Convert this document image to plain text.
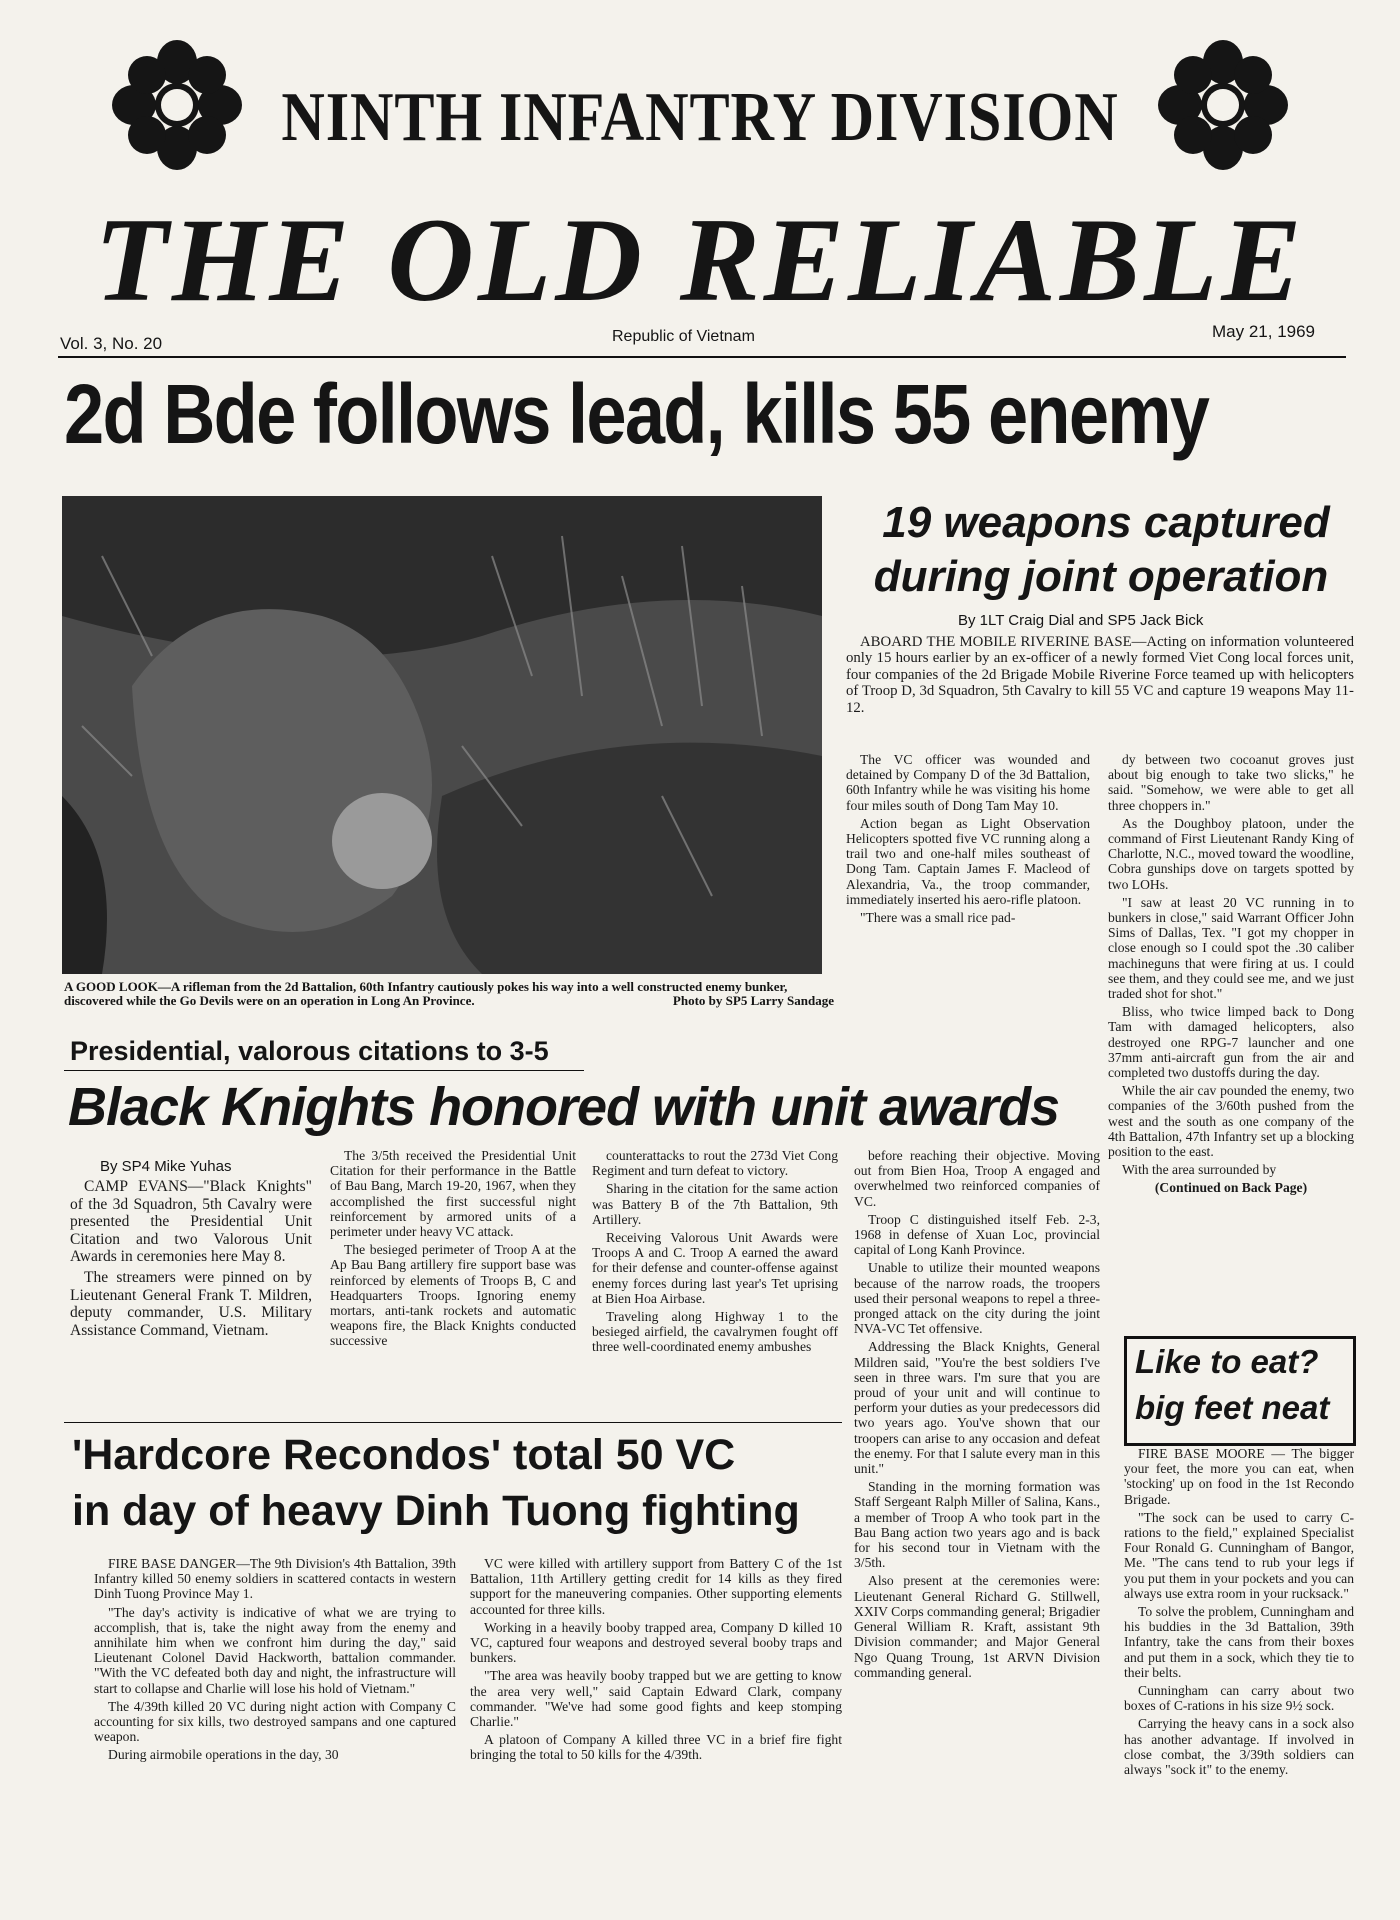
NINTH INFANTRY DIVISION
THE OLD RELIABLE
Vol. 3, No. 20	Republic of Vietnam	May 21, 1969
2d Bde follows lead, kills 55 enemy
A GOOD LOOK—A rifleman from the 2d Battalion, 60th Infantry cautiously pokes his way into a well constructed enemy bunker, discovered while the Go Devils were on an operation in Long An Province.	Photo by SP5 Larry Sandage
19 weapons captured
during joint operation
By 1LT Craig Dial and SP5 Jack Bick

ABOARD THE MOBILE RIVERINE BASE—Acting on information volunteered only 15 hours earlier by an ex-officer of a newly formed Viet Cong local forces unit, four companies of the 2d Brigade Mobile Riverine Force teamed up with helicopters of Troop D, 3d Squadron, 5th Cavalry to kill 55 VC and capture 19 weapons May 11-12.

The VC officer was wounded and detained by Company D of the 3d Battalion, 60th Infantry while he was visiting his home four miles south of Dong Tam May 10.

Action began as Light Observation Helicopters spotted five VC running along a trail two and one-half miles southeast of Dong Tam. Captain James F. Macleod of Alexandria, Va., the troop commander, immediately inserted his aero-rifle platoon.

"There was a small rice pad-

dy between two cocoanut groves just about big enough to take two slicks," he said. "Somehow, we were able to get all three choppers in."

As the Doughboy platoon, under the command of First Lieutenant Randy King of Charlotte, N.C., moved toward the woodline, Cobra gunships dove on targets spotted by two LOHs.

"I saw at least 20 VC running in to bunkers in close," said Warrant Officer John Sims of Dallas, Tex. "I got my chopper in close enough so I could spot the .30 caliber machineguns that were firing at us. I could see them, and they could see me, and we just traded shot for shot."

Bliss, who twice limped back to Dong Tam with damaged helicopters, also destroyed one RPG-7 launcher and one 37mm anti-aircraft gun from the air and completed two dustoffs during the day.

While the air cav pounded the enemy, two companies of the 3/60th pushed from the west and the south as one company of the 4th Battalion, 47th Infantry set up a blocking position to the east.

With the area surrounded by

(Continued on Back Page)

Presidential, valorous citations to 3-5
Black Knights honored with unit awards
By SP4 Mike Yuhas

CAMP EVANS—"Black Knights" of the 3d Squadron, 5th Cavalry were presented the Presidential Unit Citation and two Valorous Unit Awards in ceremonies here May 8.

The streamers were pinned on by Lieutenant General Frank T. Mildren, deputy commander, U.S. Military Assistance Command, Vietnam.

The 3/5th received the Presidential Unit Citation for their performance in the Battle of Bau Bang, March 19-20, 1967, when they accomplished the first successful night reinforcement by armored units of a perimeter under heavy VC attack.

The besieged perimeter of Troop A at the Ap Bau Bang artillery fire support base was reinforced by elements of Troops B, C and Headquarters Troops. Ignoring enemy mortars, anti-tank rockets and automatic weapons fire, the Black Knights conducted successive

counterattacks to rout the 273d Viet Cong Regiment and turn defeat to victory.

Sharing in the citation for the same action was Battery B of the 7th Battalion, 9th Artillery.

Receiving Valorous Unit Awards were Troops A and C. Troop A earned the award for their defense and counter-offense against enemy forces during last year's Tet uprising at Bien Hoa Airbase.

Traveling along Highway 1 to the besieged airfield, the cavalrymen fought off three well-coordinated enemy ambushes

before reaching their objective. Moving out from Bien Hoa, Troop A engaged and overwhelmed two reinforced companies of VC.

Troop C distinguished itself Feb. 2-3, 1968 in defense of Xuan Loc, provincial capital of Long Kanh Province.

Unable to utilize their mounted weapons because of the narrow roads, the troopers used their personal weapons to repel a three-pronged attack on the city during the joint NVA-VC Tet offensive.

Addressing the Black Knights, General Mildren said, "You're the best soldiers I've seen in three wars. I'm sure that you are proud of your unit and will continue to perform your duties as your predecessors did two years ago. You've shown that our troopers can arise to any occasion and defeat the enemy. For that I salute every man in this unit."

Standing in the morning formation was Staff Sergeant Ralph Miller of Salina, Kans., a member of Troop A who took part in the Bau Bang action two years ago and is back for his second tour in Vietnam with the 3/5th.

Also present at the ceremonies were: Lieutenant General Richard G. Stillwell, XXIV Corps commanding general; Brigadier General William R. Kraft, assistant 9th Division commander; and Major General Ngo Quang Troung, 1st ARVN Division commanding general.

Like to eat?
big feet neat

FIRE BASE MOORE — The bigger your feet, the more you can eat, when 'stocking' up on food in the 1st Recondo Brigade.

"The sock can be used to carry C-rations to the field," explained Specialist Four Ronald G. Cunningham of Bangor, Me. "The cans tend to rub your legs if you put them in your pockets and you can always use extra room in your rucksack."

To solve the problem, Cunningham and his buddies in the 3d Battalion, 39th Infantry, take the cans from their boxes and put them in a sock, which they tie to their belts.

Cunningham can carry about two boxes of C-rations in his size 9½ sock.

Carrying the heavy cans in a sock also has another advantage. If involved in close combat, the 3/39th soldiers can always "sock it" to the enemy.

'Hardcore Recondos' total 50 VC
in day of heavy Dinh Tuong fighting

FIRE BASE DANGER—The 9th Division's 4th Battalion, 39th Infantry killed 50 enemy soldiers in scattered contacts in western Dinh Tuong Province May 1.

"The day's activity is indicative of what we are trying to accomplish, that is, take the night away from the enemy and annihilate him when we confront him during the day," said Lieutenant Colonel David Hackworth, battalion commander. "With the VC defeated both day and night, the infrastructure will start to collapse and Charlie will lose his hold of Vietnam."

The 4/39th killed 20 VC during night action with Company C accounting for six kills, two destroyed sampans and one captured weapon.

During airmobile operations in the day, 30

VC were killed with artillery support from Battery C of the 1st Battalion, 11th Artillery getting credit for 14 kills as they fired support for the maneuvering companies. Other supporting elements accounted for three kills.

Working in a heavily booby trapped area, Company D killed 10 VC, captured four weapons and destroyed several booby traps and bunkers.

"The area was heavily booby trapped but we are getting to know the area very well," said Captain Edward Clark, company commander. "We've had some good fights and keep stomping Charlie."

A platoon of Company A killed three VC in a brief fire fight bringing the total to 50 kills for the 4/39th.
